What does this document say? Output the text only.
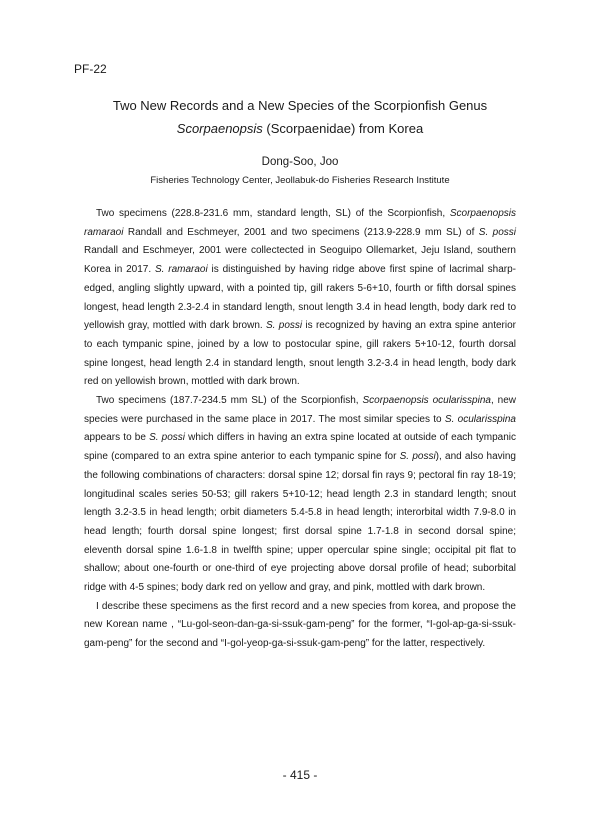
PF-22
Two New Records and a New Species of the Scorpionfish Genus
Scorpaenopsis (Scorpaenidae) from Korea
Dong-Soo, Joo
Fisheries Technology Center, Jeollabuk-do Fisheries Research Institute

Two specimens (228.8-231.6 mm, standard length, SL) of the Scorpionfish, Scorpaenopsis ramaraoi Randall and Eschmeyer, 2001 and two specimens (213.9-228.9 mm SL) of S. possi Randall and Eschmeyer, 2001 were collectected in Seoguipo Ollemarket, Jeju Island, southern Korea in 2017. S. ramaraoi is distinguished by having ridge above first spine of lacrimal sharp-edged, angling slightly upward, with a pointed tip, gill rakers 5-6+10, fourth or fifth dorsal spines longest, head length 2.3-2.4 in standard length, snout length 3.4 in head length, body dark red to yellowish gray, mottled with dark brown. S. possi is recognized by having an extra spine anterior to each tympanic spine, joined by a low to postocular spine, gill rakers 5+10-12, fourth dorsal spine longest, head length 2.4 in standard length, snout length 3.2-3.4 in head length, body dark red on yellowish brown, mottled with dark brown.

Two specimens (187.7-234.5 mm SL) of the Scorpionfish, Scorpaenopsis ocularisspina, new species were purchased in the same place in 2017. The most similar species to S. ocularisspina appears to be S. possi which differs in having an extra spine located at outside of each tympanic spine (compared to an extra spine anterior to each tympanic spine for S. possi), and also having the following combinations of characters: dorsal spine 12; dorsal fin rays 9; pectoral fin ray 18-19; longitudinal scales series 50-53; gill rakers 5+10-12; head length 2.3 in standard length; snout length 3.2-3.5 in head length; orbit diameters 5.4-5.8 in head length; interorbital width 7.9-8.0 in head length; fourth dorsal spine longest; first dorsal spine 1.7-1.8 in second dorsal spine; eleventh dorsal spine 1.6-1.8 in twelfth spine; upper opercular spine single; occipital pit flat to shallow; about one-fourth or one-third of eye projecting above dorsal profile of head; suborbital ridge with 4-5 spines; body dark red on yellow and gray, and pink, mottled with dark brown.

I describe these specimens as the first record and a new species from korea, and propose the new Korean name , “Lu-gol-seon-dan-ga-si-ssuk-gam-peng” for the former, “I-gol-ap-ga-si-ssuk-gam-peng” for the second and “I-gol-yeop-ga-si-ssuk-gam-peng” for the latter, respectively.

- 415 -
